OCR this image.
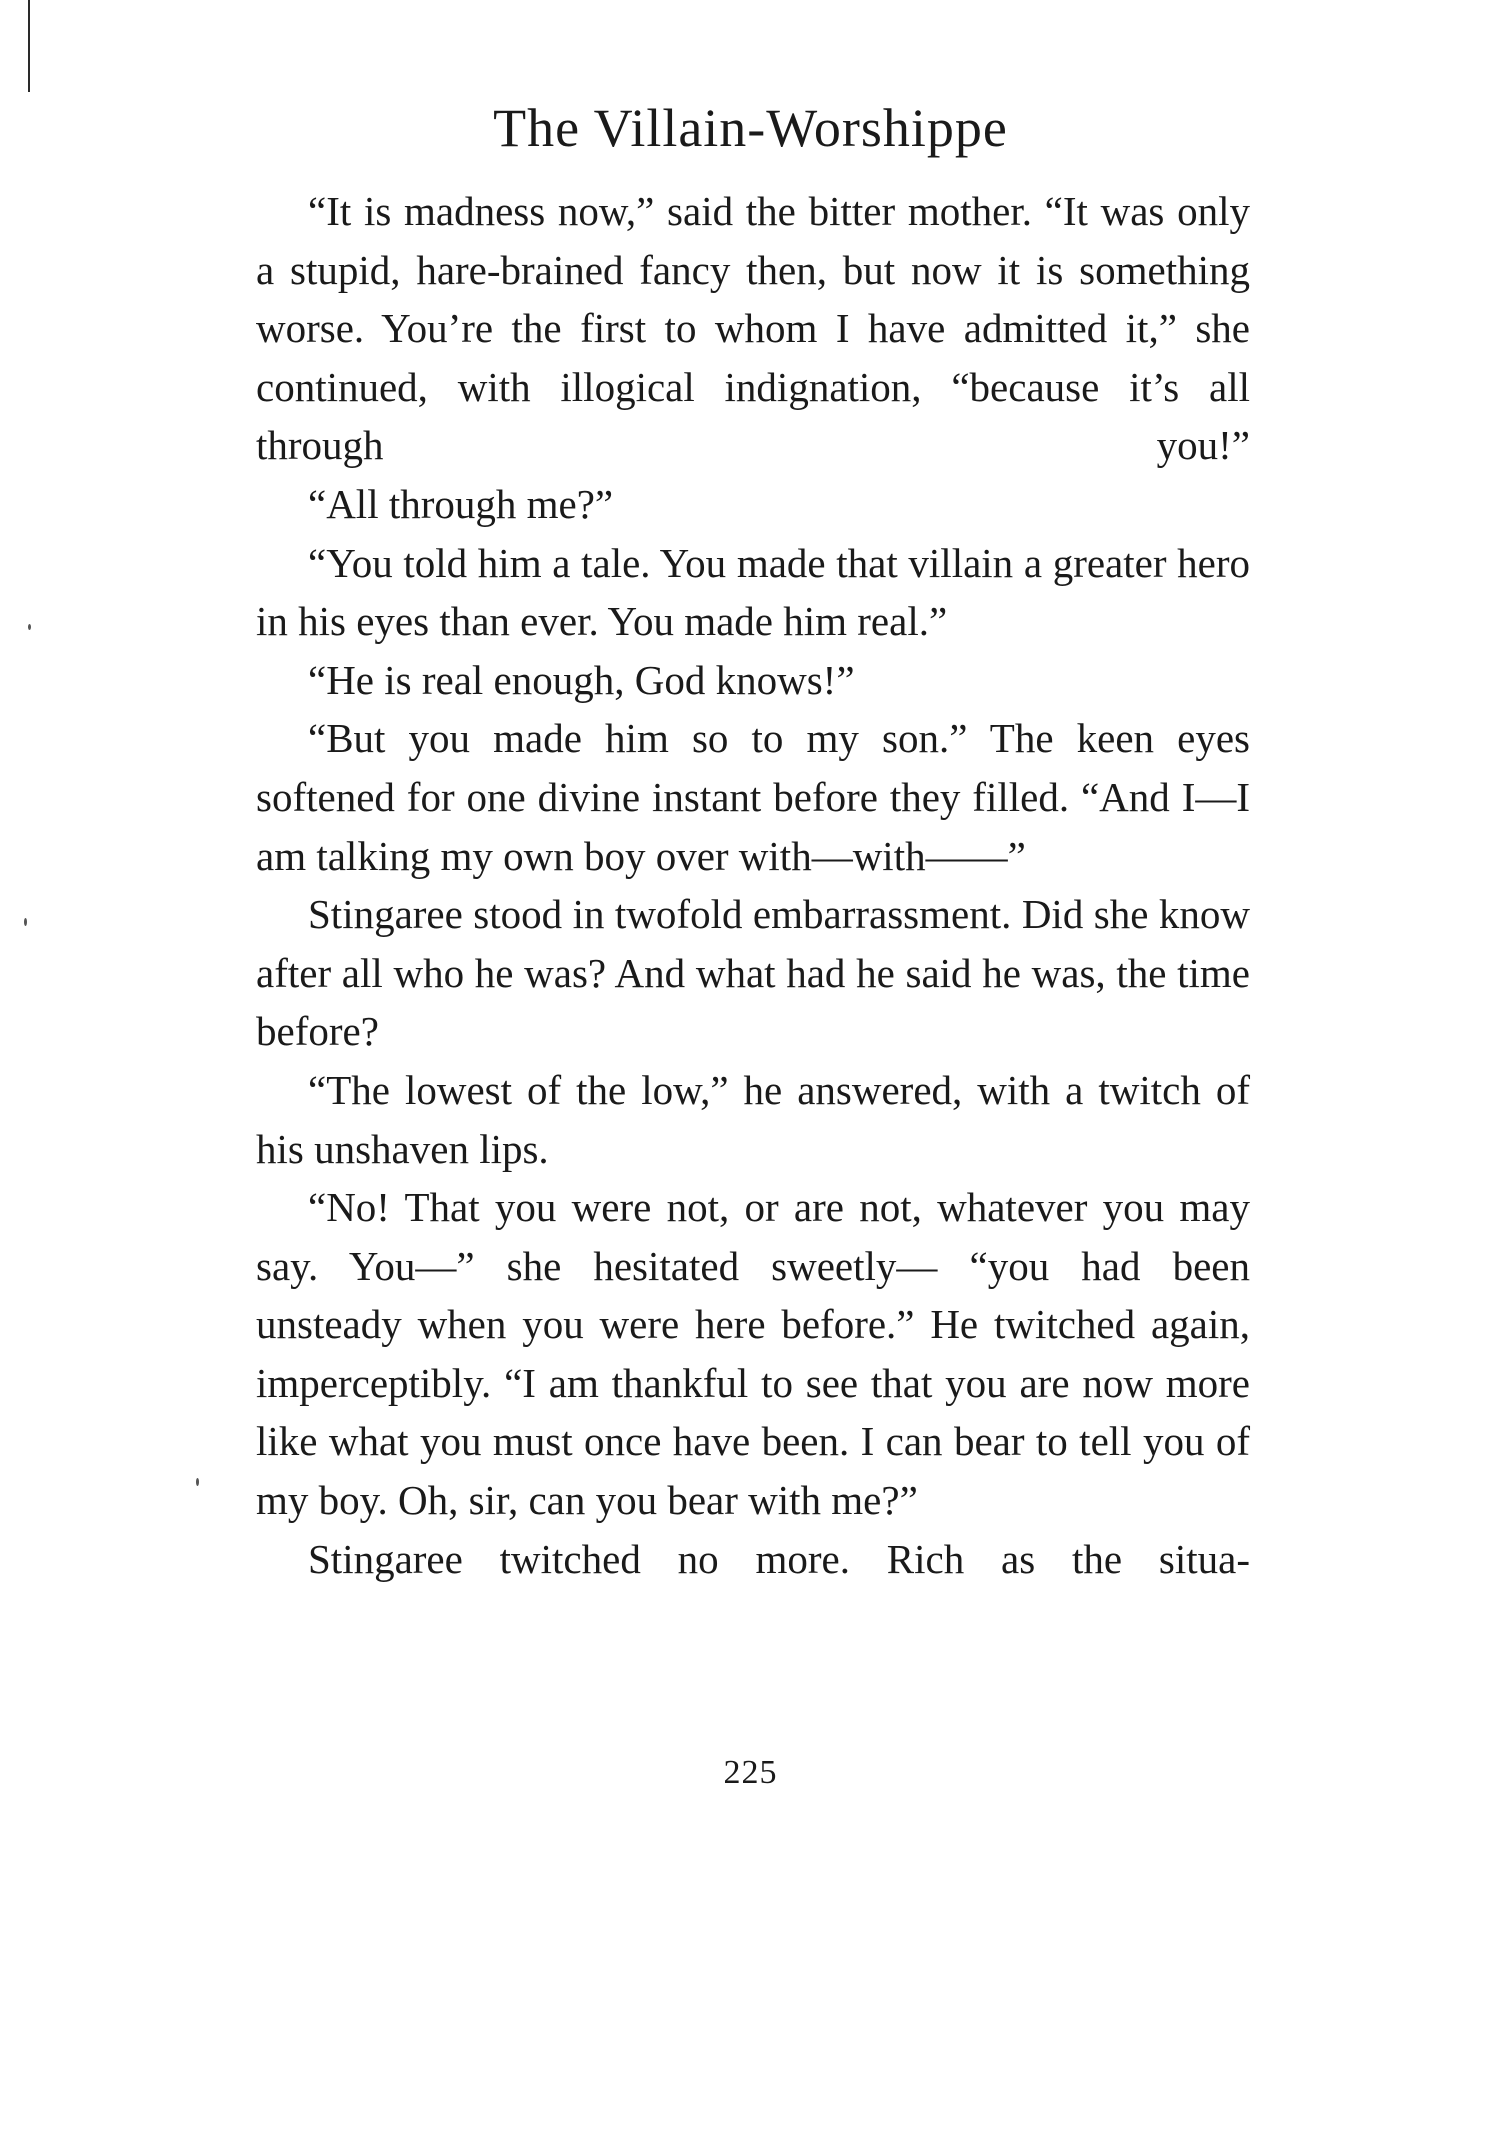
The Villain-Worshippe

“It is madness now,” said the bitter mother. “It was only a stupid, hare-brained fancy then, but now it is something worse. You’re the first to whom I have admitted it,” she continued, with illogical indignation, “because it’s all through you!”

“All through me?”

“You told him a tale. You made that villain a greater hero in his eyes than ever. You made him real.”

“He is real enough, God knows!”

“But you made him so to my son.” The keen eyes softened for one divine instant before they filled. “And I—I am talking my own boy over with—with——”

Stingaree stood in twofold embarrassment. Did she know after all who he was? And what had he said he was, the time before?

“The lowest of the low,” he answered, with a twitch of his unshaven lips.

“No! That you were not, or are not, whatever you may say. You—” she hesitated sweetly— “you had been unsteady when you were here before.” He twitched again, imperceptibly. “I am thankful to see that you are now more like what you must once have been. I can bear to tell you of my boy. Oh, sir, can you bear with me?”

Stingaree twitched no more. Rich as the situa-

225
